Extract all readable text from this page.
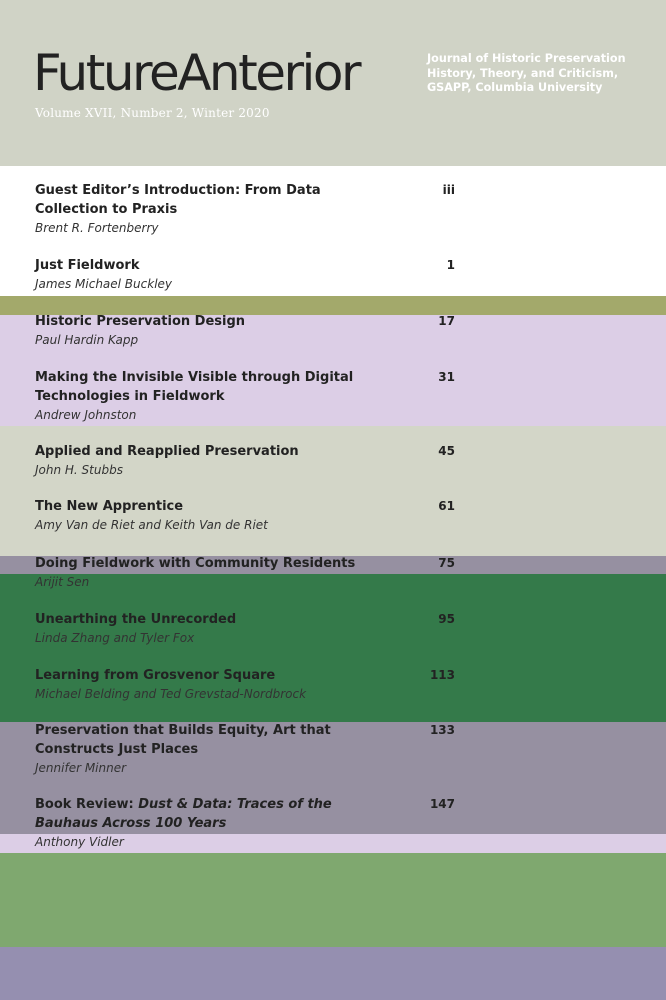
FutureAnterior
Volume XVII, Number 2, Winter 2020
Journal of Historic Preservation
History, Theory, and Criticism,
GSAPP, Columbia University
Guest Editor’s Introduction: From Data Collection to Praxis
Brent R. Fortenberry
iii
Just Fieldwork
James Michael Buckley
1
Historic Preservation Design
Paul Hardin Kapp
17
Making the Invisible Visible through Digital Technologies in Fieldwork
Andrew Johnston
31
Applied and Reapplied Preservation
John H. Stubbs
45
The New Apprentice
Amy Van de Riet and Keith Van de Riet
61
Doing Fieldwork with Community Residents
Arijit Sen
75
Unearthing the Unrecorded
Linda Zhang and Tyler Fox
95
Learning from Grosvenor Square
Michael Belding and Ted Grevstad-Nordbrock
113
Preservation that Builds Equity, Art that Constructs Just Places
Jennifer Minner
133
Book Review: Dust & Data: Traces of the Bauhaus Across 100 Years
Anthony Vidler
147
